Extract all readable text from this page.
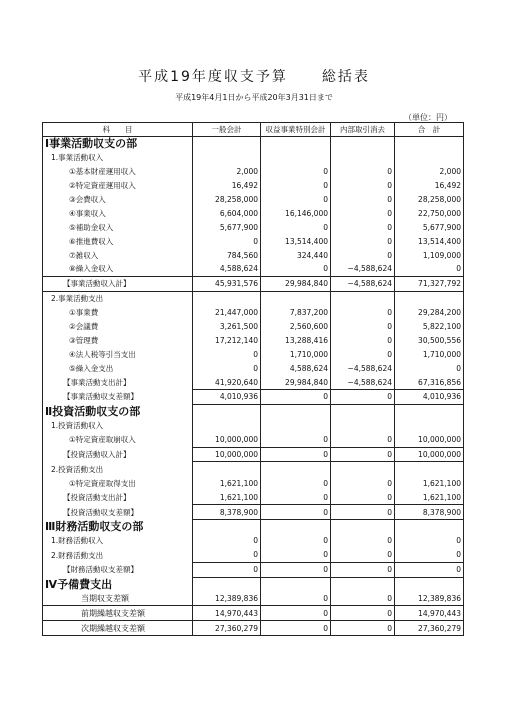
平成19年度収支予算 総括表
平成19年4月1日から平成20年3月31日まで
（単位：円）
科　　目	一般会計	収益事業特別会計	内部取引消去	合　計
Ⅰ事業活動収支の部				
1.事業活動収入				
①基本財産運用収入	2,000	0	0	2,000
②特定資産運用収入	16,492	0	0	16,492
③会費収入	28,258,000	0	0	28,258,000
④事業収入	6,604,000	16,146,000	0	22,750,000
⑤補助金収入	5,677,900	0	0	5,677,900
⑥推進費収入	0	13,514,400	0	13,514,400
⑦雑収入	784,560	324,440	0	1,109,000
⑧繰入金収入	4,588,624	0	−4,588,624	0
【事業活動収入計】	45,931,576	29,984,840	−4,588,624	71,327,792
2.事業活動支出				
①事業費	21,447,000	7,837,200	0	29,284,200
②会議費	3,261,500	2,560,600	0	5,822,100
③管理費	17,212,140	13,288,416	0	30,500,556
④法人税等引当支出	0	1,710,000	0	1,710,000
⑤繰入金支出	0	4,588,624	−4,588,624	0
【事業活動支出計】	41,920,640	29,984,840	−4,588,624	67,316,856
【事業活動収支差額】	4,010,936	0	0	4,010,936
Ⅱ投資活動収支の部				
1.投資活動収入				
①特定資産取崩収入	10,000,000	0	0	10,000,000
【投資活動収入計】	10,000,000	0	0	10,000,000
2.投資活動支出				
①特定資産取得支出	1,621,100	0	0	1,621,100
【投資活動支出計】	1,621,100	0	0	1,621,100
【投資活動収支差額】	8,378,900	0	0	8,378,900
Ⅲ財務活動収支の部				
1.財務活動収入	0	0	0	0
2.財務活動支出	0	0	0	0
【財務活動収支差額】	0	0	0	0
Ⅳ予備費支出				
当期収支差額	12,389,836	0	0	12,389,836
前期繰越収支差額	14,970,443	0	0	14,970,443
次期繰越収支差額	27,360,279	0	0	27,360,279
